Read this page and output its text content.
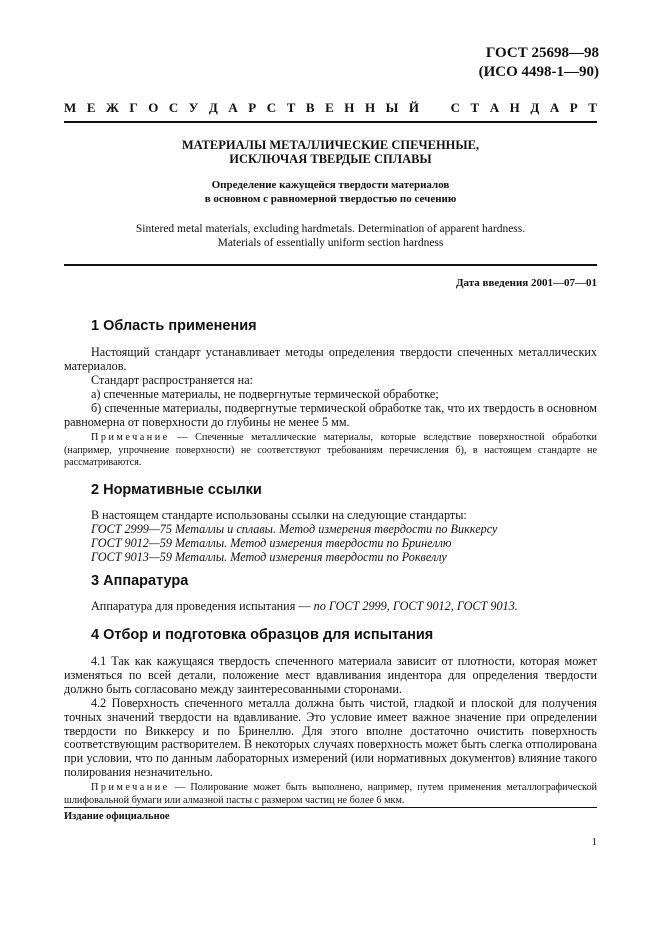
ГОСТ 25698—98
(ИСО 4498-1—90)
М Е Ж Г О С У Д А Р С Т В Е Н Н Ы Й С Т А Н Д А Р Т
МАТЕРИАЛЫ МЕТАЛЛИЧЕСКИЕ СПЕЧЕННЫЕ,
ИСКЛЮЧАЯ ТВЕРДЫЕ СПЛАВЫ
Определение кажущейся твердости материалов
в основном с равномерной твердостью по сечению
Sintered metal materials, excluding hardmetals. Determination of apparent hardness.
Materials of essentially uniform section hardness
Дата введения 2001—07—01
1 Область применения
Настоящий стандарт устанавливает методы определения твердости спеченных металлических материалов.
Стандарт распространяется на:
а) спеченные материалы, не подвергнутые термической обработке;
б) спеченные материалы, подвергнутые термической обработке так, что их твердость в основном равномерна от поверхности до глубины не менее 5 мм.
Примечание — Спеченные металлические материалы, которые вследствие поверхностной обработки (например, упрочнение поверхности) не соответствуют требованиям перечисления б), в настоящем стандарте не рассматриваются.
2 Нормативные ссылки
В настоящем стандарте использованы ссылки на следующие стандарты:
ГОСТ 2999—75 Металлы и сплавы. Метод измерения твердости по Виккерсу
ГОСТ 9012—59 Металлы. Метод измерения твердости по Бринеллю
ГОСТ 9013—59 Металлы. Метод измерения твердости по Роквеллу
3 Аппаратура
Аппаратура для проведения испытания — по ГОСТ 2999, ГОСТ 9012, ГОСТ 9013.
4 Отбор и подготовка образцов для испытания
4.1 Так как кажущаяся твердость спеченного материала зависит от плотности, которая может изменяться по всей детали, положение мест вдавливания индентора для определения твердости должно быть согласовано между заинтересованными сторонами.
4.2 Поверхность спеченного металла должна быть чистой, гладкой и плоской для получения точных значений твердости на вдавливание. Это условие имеет важное значение при определении твердости по Виккерсу и по Бринеллю. Для этого вполне достаточно очистить поверхность соответствующим растворителем. В некоторых случаях поверхность может быть слегка отполирована при условии, что по данным лабораторных измерений (или нормативных документов) влияние такого полирования незначительно.
Примечание — Полирование может быть выполнено, например, путем применения металлографической шлифовальной бумаги или алмазной пасты с размером частиц не более 6 мкм.
Издание официальное
1
